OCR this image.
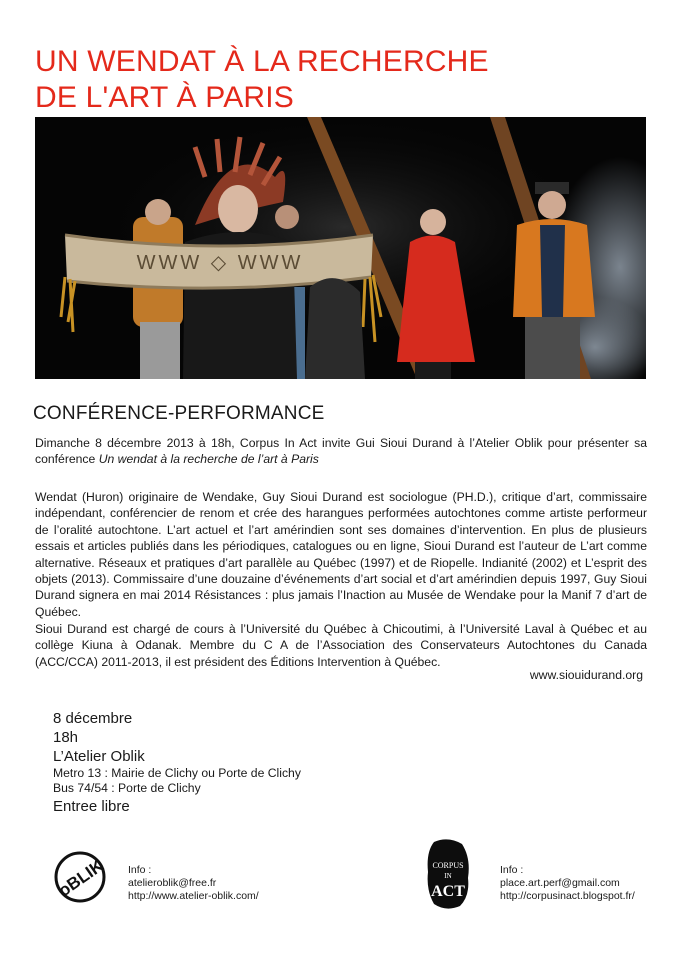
UN WENDAT À LA RECHERCHE
DE L'ART À PARIS
WWW ◇ WWW
CONFÉRENCE-PERFORMANCE

Dimanche 8 décembre 2013 à 18h, Corpus In Act invite Gui Sioui Durand à l’Atelier Oblik pour présenter sa conférence Un wendat à la recherche de l’art à Paris

Wendat (Huron) originaire de Wendake, Guy Sioui Durand est sociologue (PH.D.), critique d’art, commissaire indépendant, conférencier de renom et crée des harangues performées autochtones comme artiste performeur de l’oralité autochtone. L’art actuel et l’art amérindien sont ses domaines d’intervention. En plus de plusieurs essais et articles publiés dans les périodiques, catalogues ou en ligne, Sioui Durand est l’auteur de L’art comme alternative. Réseaux et pratiques d’art parallèle au Québec (1997) et de Riopelle. Indianité (2002) et L’esprit des objets (2013). Commissaire d’une douzaine d’événements d’art social et d’art amérindien depuis 1997, Guy Sioui Durand signera en mai 2014 Résistances : plus jamais l’Inaction au Musée de Wendake pour la Manif 7 d’art de Québec.

Sioui Durand est chargé de cours à l’Université du Québec à Chicoutimi, à l’Université Laval à Québec et au collège Kiuna à Odanak. Membre du C A de l’Association des Conservateurs Autochtones du Canada (ACC/CCA) 2011-2013, il est président des Éditions Intervention à Québec.

www.siouidurand.org
8 décembre
18h
L’Atelier Oblik
Metro 13 : Mairie de Clichy ou Porte de Clichy
Bus 74/54 : Porte de Clichy
Entree libre
oBLIK Info :
atelieroblik@free.fr
http://www.atelier-oblik.com/
CORPUS
IN
ACT
Info :
place.art.perf@gmail.com
http://corpusinact.blogspot.fr/
